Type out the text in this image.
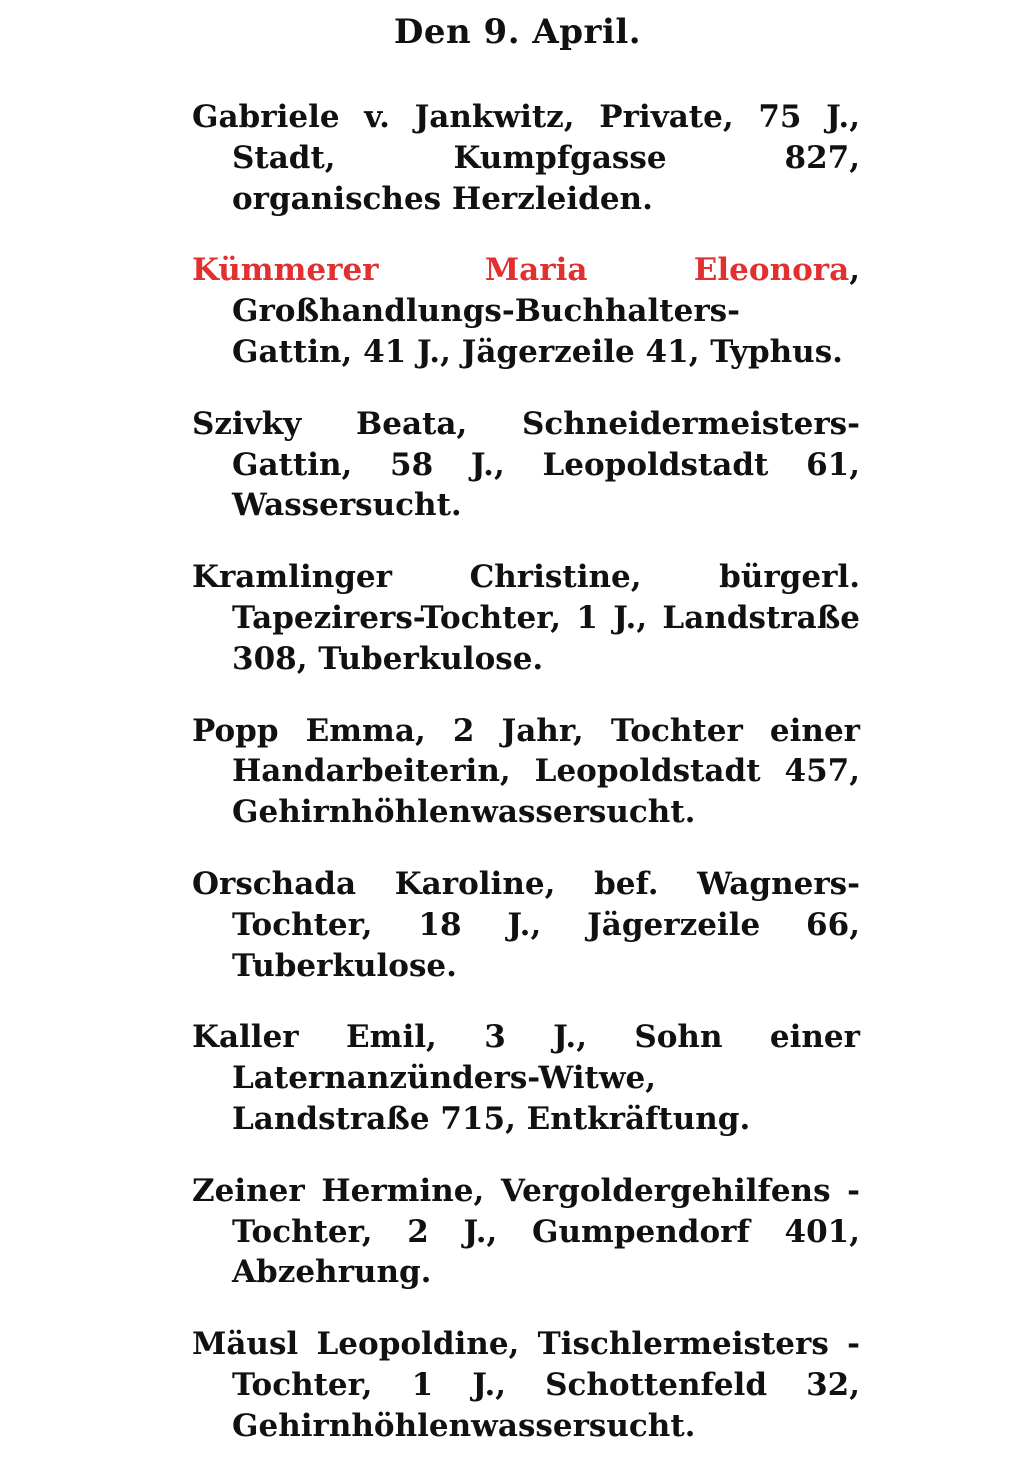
Den 9. April.

Gabriele v. Jankwitz, Private, 75 J., Stadt, Kumpfgasse 827, organisches Herzleiden.

Kümmerer Maria Eleonora, Großhandlungs-Buchhalters-Gattin, 41 J., Jägerzeile 41, Typhus.

Szivky Beata, Schneidermeisters-Gattin, 58 J., Leopoldstadt 61, Wassersucht.

Kramlinger Christine, bürgerl. Tapezirers-Tochter, 1 J., Landstraße 308, Tuberkulose.

Popp Emma, 2 Jahr, Tochter einer Handarbeiterin, Leopoldstadt 457, Gehirnhöhlenwassersucht.

Orschada Karoline, bef. Wagners-Tochter, 18 J., Jägerzeile 66, Tuberkulose.

Kaller Emil, 3 J., Sohn einer Laternanzünders-Witwe, Landstraße 715, Entkräftung.

Zeiner Hermine, Vergoldergehilfens - Tochter, 2 J., Gumpendorf 401, Abzehrung.

Mäusl Leopoldine, Tischlermeisters - Tochter, 1 J., Schottenfeld 32, Gehirnhöhlenwassersucht.
